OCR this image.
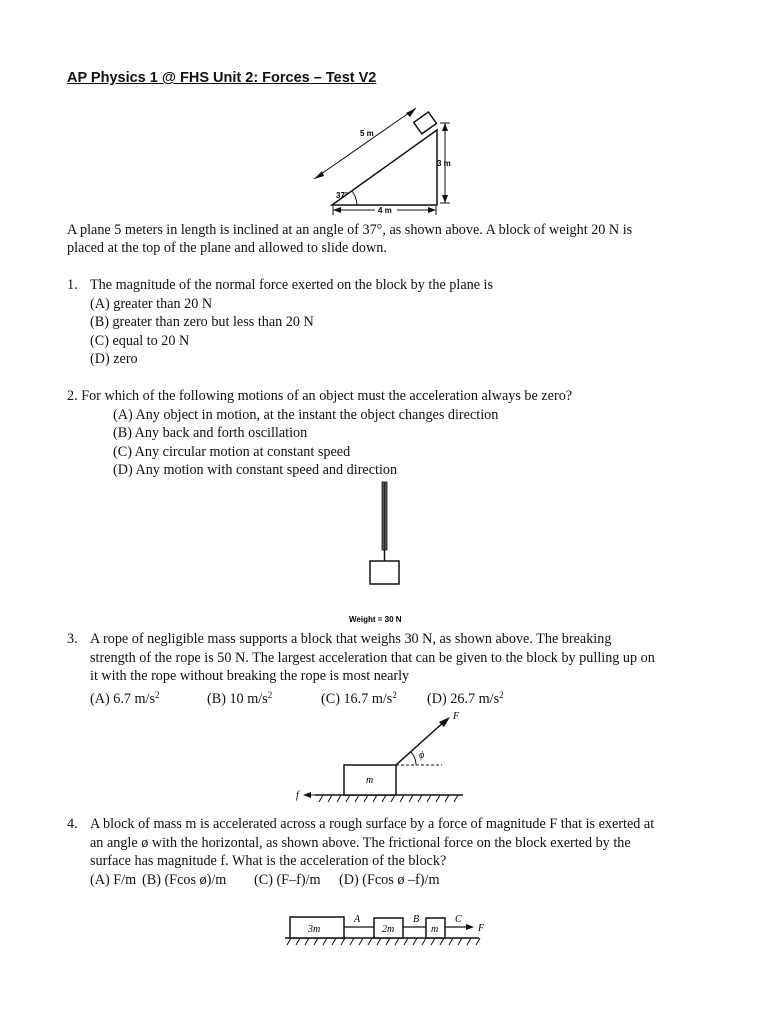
AP Physics 1 @ FHS Unit 2: Forces – Test V2
5 m
3 m
4 m
37°
A plane 5 meters in length is inclined at an angle of 37°, as shown above. A block of weight 20 N is
placed at the top of the plane and allowed to slide down.
1. The magnitude of the normal force exerted on the block by the plane is
(A) greater than 20 N
(B) greater than zero but less than 20 N
(C) equal to 20 N
(D) zero
2. For which of the following motions of an object must the acceleration always be zero?
(A) Any object in motion, at the instant the object changes direction
(B) Any back and forth oscillation
(C) Any circular motion at constant speed
(D) Any motion with constant speed and direction
Weight = 30 N
3. A rope of negligible mass supports a block that weighs 30 N, as shown above. The breaking
strength of the rope is 50 N. The largest acceleration that can be given to the block by pulling up on
it with the rope without breaking the rope is most nearly
(A) 6.7 $m/s^2$	(B) 10 $m/s^2$	(C) 16.7 $m/s^2$ (D) 26.7 $m/s^2$
F
ϕ
m
f
4. A block of mass m is accelerated across a rough surface by a force of magnitude F that is exerted at
an angle ø with the horizontal, as shown above. The frictional force on the block exerted by the
surface has magnitude f. What is the acceleration of the block?
(A) F/m (B) (Fcos ø)/m (C) (F–f)/m (D) (Fcos ø –f)/m
3m	2m	m
A	B	C
F
